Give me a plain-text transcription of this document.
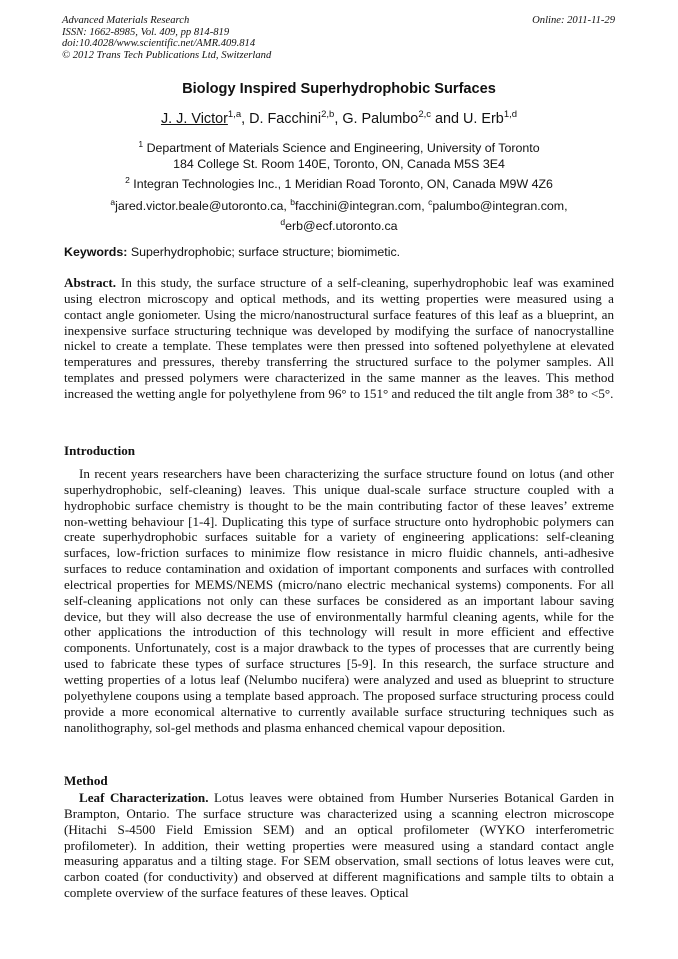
Advanced Materials Research
ISSN: 1662-8985, Vol. 409, pp 814-819
doi:10.4028/www.scientific.net/AMR.409.814
© 2012 Trans Tech Publications Ltd, Switzerland
Online: 2011-11-29
Biology Inspired Superhydrophobic Surfaces
J. J. Victor$^{1,a}$, D. Facchini$^{2,b}$, G. Palumbo$^{2,c}$ and U. Erb$^{1,d}$
$^1$ Department of Materials Science and Engineering, University of Toronto
184 College St. Room 140E, Toronto, ON, Canada M5S 3E4
$^2$ Integran Technologies Inc., 1 Meridian Road Toronto, ON, Canada M9W 4Z6
$^a$jared.victor.beale@utoronto.ca, $^b$facchini@integran.com, $^c$palumbo@integran.com,
$^d$erb@ecf.utoronto.ca
Keywords: Superhydrophobic; surface structure; biomimetic.
Abstract. In this study, the surface structure of a self-cleaning, superhydrophobic leaf was examined using electron microscopy and optical methods, and its wetting properties were measured using a contact angle goniometer. Using the micro/nanostructural surface features of this leaf as a blueprint, an inexpensive surface structuring technique was developed by modifying the surface of nanocrystalline nickel to create a template. These templates were then pressed into softened polyethylene at elevated temperatures and pressures, thereby transferring the structured surface to the polymer samples. All templates and pressed polymers were characterized in the same manner as the leaves. This method increased the wetting angle for polyethylene from 96° to 151° and reduced the tilt angle from 38° to <5°.
Introduction
In recent years researchers have been characterizing the surface structure found on lotus (and other superhydrophobic, self-cleaning) leaves. This unique dual-scale surface structure coupled with a hydrophobic surface chemistry is thought to be the main contributing factor of these leaves’ extreme non-wetting behaviour [1-4]. Duplicating this type of surface structure onto hydrophobic polymers can create superhydrophobic surfaces suitable for a variety of engineering applications: self-cleaning surfaces, low-friction surfaces to minimize flow resistance in micro fluidic channels, anti-adhesive surfaces to reduce contamination and oxidation of important components and surfaces with controlled electrical properties for MEMS/NEMS (micro/nano electric mechanical systems) components. For all self-cleaning applications not only can these surfaces be considered as an important labour saving device, but they will also decrease the use of environmentally harmful cleaning agents, while for the other applications the introduction of this technology will result in more efficient and effective components. Unfortunately, cost is a major drawback to the types of processes that are currently being used to fabricate these types of surface structures [5-9]. In this research, the surface structure and wetting properties of a lotus leaf (Nelumbo nucifera) were analyzed and used as blueprint to structure polyethylene coupons using a template based approach. The proposed surface structuring process could provide a more economical alternative to currently available surface structuring techniques such as nanolithography, sol-gel methods and plasma enhanced chemical vapour deposition.
Method
Leaf Characterization. Lotus leaves were obtained from Humber Nurseries Botanical Garden in Brampton, Ontario. The surface structure was characterized using a scanning electron microscope (Hitachi S-4500 Field Emission SEM) and an optical profilometer (WYKO interferometric profilometer). In addition, their wetting properties were measured using a standard contact angle measuring apparatus and a tilting stage. For SEM observation, small sections of lotus leaves were cut, carbon coated (for conductivity) and observed at different magnifications and sample tilts to obtain a complete overview of the surface features of these leaves. Optical
